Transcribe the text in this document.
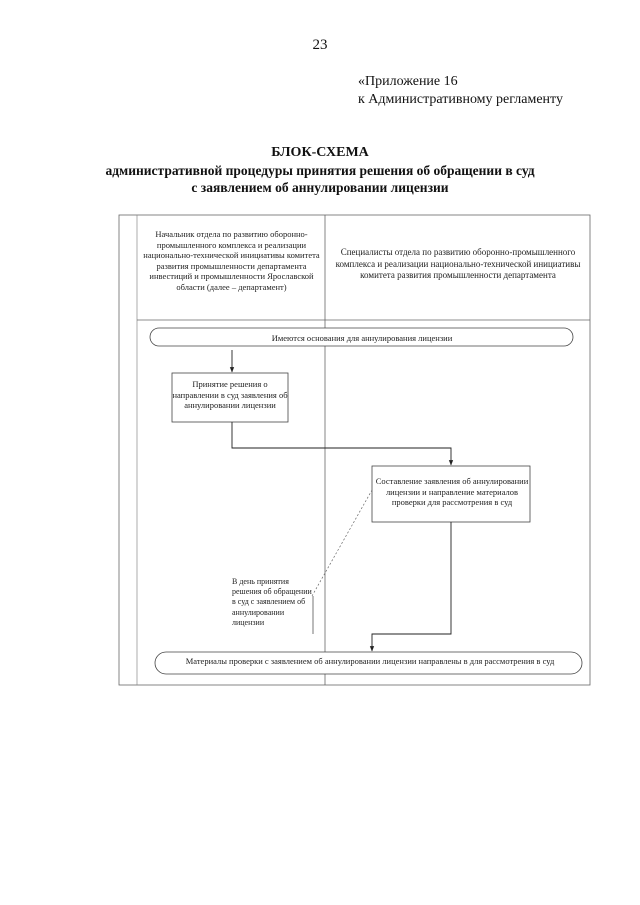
23
«Приложение 16
к Административному регламенту
БЛОК-СХЕМА
административной процедуры принятия решения об обращении в суд
с заявлением об аннулировании лицензии
Начальник отдела по развитию оборонно-промышленного комплекса и реализации национально-технической инициативы комитета развития промышленности департамента инвестиций и промышленности Ярославской области (далее – департамент)
Специалисты отдела по развитию оборонно-промышленного комплекса и реализации национально-технической инициативы комитета развития промышленности департамента
Имеются основания для аннулирования лицензии
Принятие решения о направлении в суд заявления об аннулировании лицензии
Составление заявления об аннулировании лицензии и направление материалов проверки для рассмотрения в суд
В день принятия решения об обращении в суд с заявлением об аннулировании лицензии
Материалы проверки с заявлением об аннулировании лицензии направлены в для рассмотрения в суд
